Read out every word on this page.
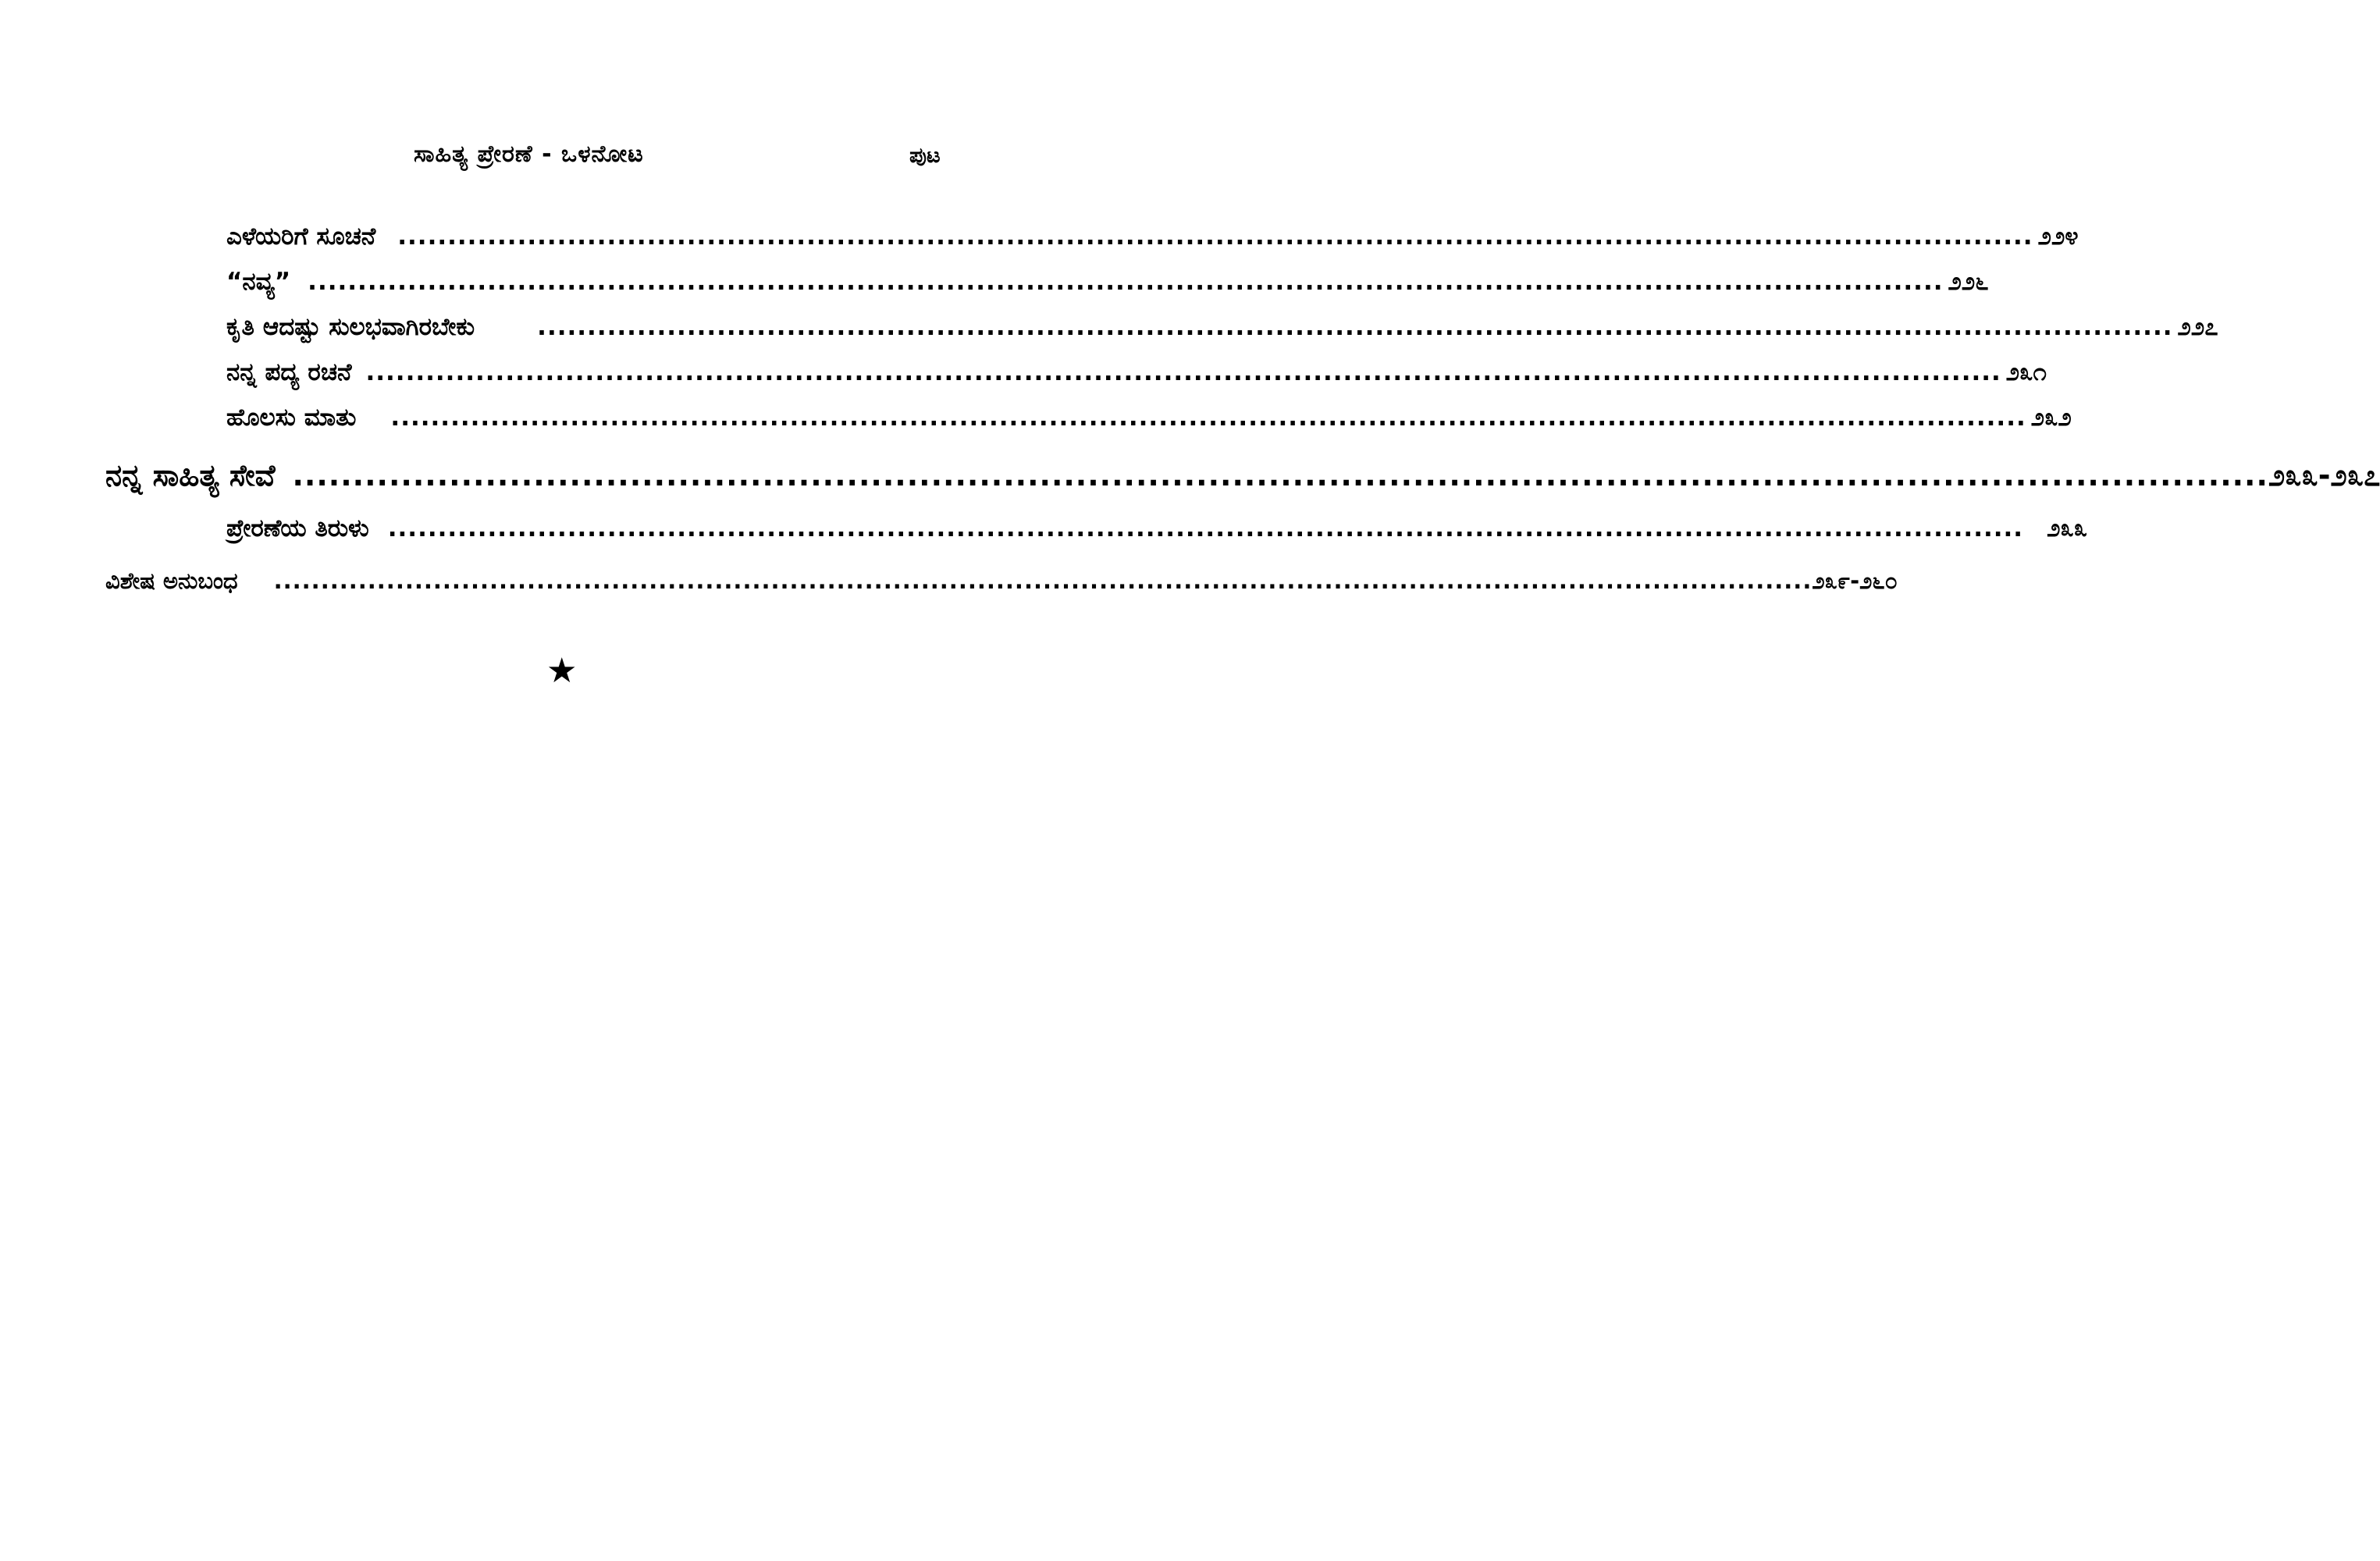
ಸಾಹಿತ್ಯ ಪ್ರೇರಣೆ - ಒಳನೋಟ	ಪುಟ
ಎಳೆಯರಿಗೆ ಸೂಚನೆ .................................................................................................................................................................... ೨೨೪
“ನವ್ಯ” .................................................................................................................................................................... ೨೨೬
ಕೃತಿ ಆದಷ್ಟು ಸುಲಭವಾಗಿರಬೇಕು	.................................................................................................................................................................... ೨೨೭
ನನ್ನ ಪದ್ಯ ರಚನೆ .................................................................................................................................................................... ೨೩೧
ಹೊಲಸು ಮಾತು .................................................................................................................................................................... ೨೩೨
ನನ್ನ ಸಾಹಿತ್ಯ ಸೇವೆ .................................................................................................................................................................... ೨೩೩-೨೩೭
ಪ್ರೇರಣೆಯ ತಿರುಳು .................................................................................................................................................................... ೨೩೩
ವಿಶೇಷ ಅನುಬಂಧ .................................................................................................................................................................... ೨೩೯-೨೬೦
★
